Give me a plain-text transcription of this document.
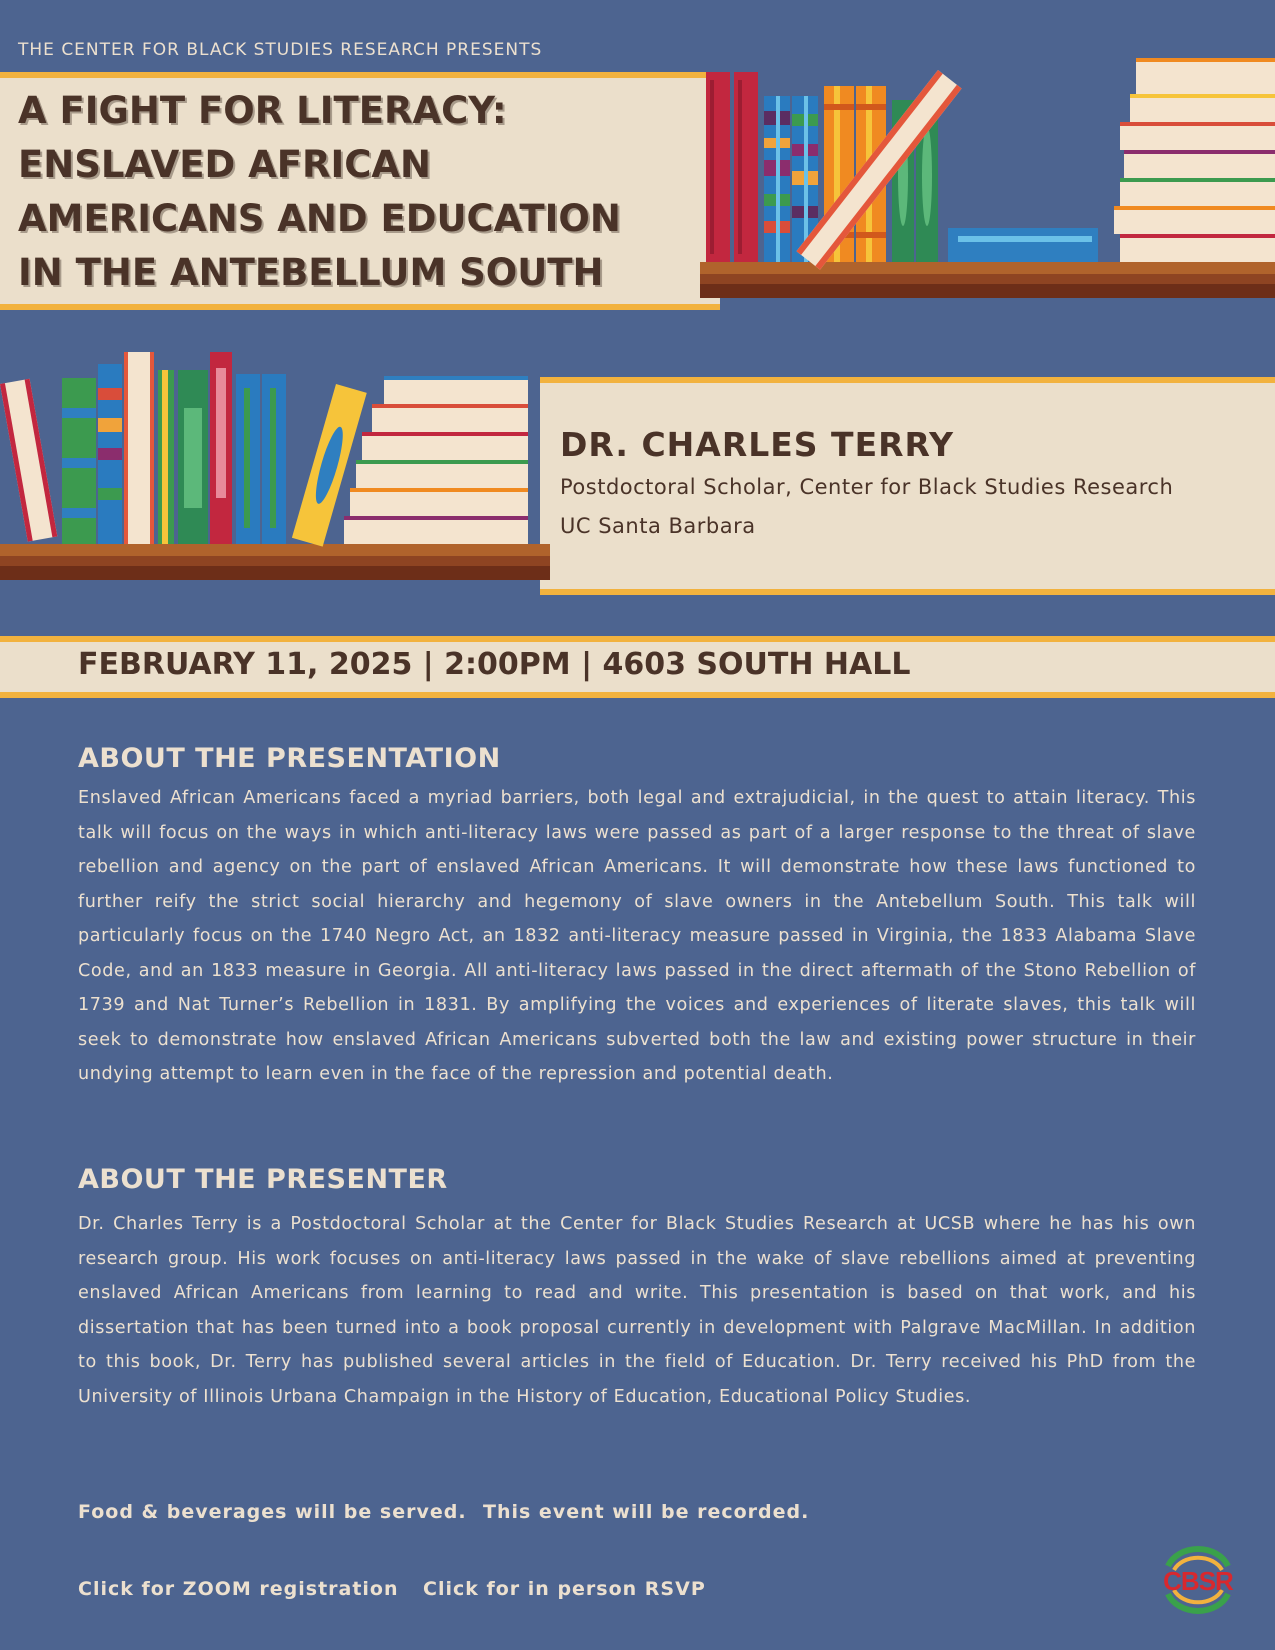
THE CENTER FOR BLACK STUDIES RESEARCH PRESENTS
A FIGHT FOR LITERACY:
ENSLAVED AFRICAN
AMERICANS AND EDUCATION
IN THE ANTEBELLUM SOUTH
DR. CHARLES TERRY
Postdoctoral Scholar, Center for Black Studies Research
UC Santa Barbara
FEBRUARY 11, 2025 | 2:00PM | 4603 SOUTH HALL
ABOUT THE PRESENTATION
Enslaved African Americans faced a myriad barriers, both legal and extrajudicial, in the quest to attain literacy. This talk will focus on the ways in which anti-literacy laws were passed as part of a larger response to the threat of slave rebellion and agency on the part of enslaved African Americans. It will demonstrate how these laws functioned to further reify the strict social hierarchy and hegemony of slave owners in the Antebellum South. This talk will particularly focus on the 1740 Negro Act, an 1832 anti-literacy measure passed in Virginia, the 1833 Alabama Slave Code, and an 1833 measure in Georgia. All anti-literacy laws passed in the direct aftermath of the Stono Rebellion of 1739 and Nat Turner’s Rebellion in 1831. By amplifying the voices and experiences of literate slaves, this talk will seek to demonstrate how enslaved African Americans subverted both the law and existing power structure in their undying attempt to learn even in the face of the repression and potential death.
ABOUT THE PRESENTER
Dr. Charles Terry is a Postdoctoral Scholar at the Center for Black Studies Research at UCSB where he has his own research group. His work focuses on anti-literacy laws passed in the wake of slave rebellions aimed at preventing enslaved African Americans from learning to read and write. This presentation is based on that work, and his dissertation that has been turned into a book proposal currently in development with Palgrave MacMillan. In addition to this book, Dr. Terry has published several articles in the field of Education. Dr. Terry received his PhD from the University of Illinois Urbana Champaign in the History of Education, Educational Policy Studies.
Food & beverages will be served. This event will be recorded.
Click for ZOOM registration Click for in person RSVP	CBSR
